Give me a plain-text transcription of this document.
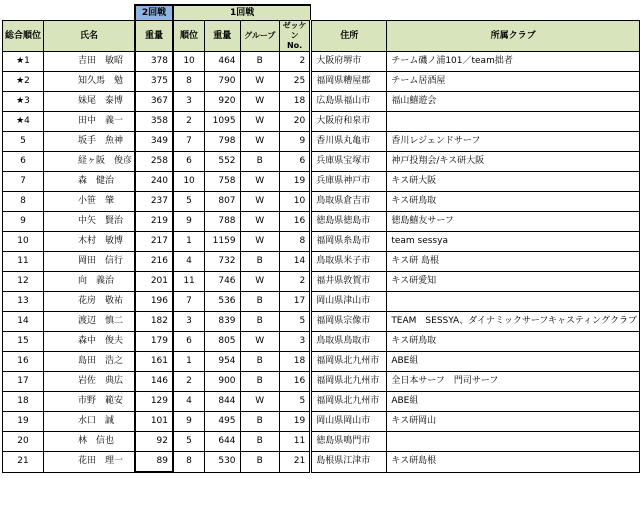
		2回戦	1回戦					
総合順位	氏名	重量	順位	重量	グループ	ゼッケン No.	住所	所属クラブ
★1	吉田　敏昭	378	10	464	B	2	大阪府堺市	チーム磯ノ浦101／team拙者
★2	知久馬　勉	375	8	790	W	25	福岡県糟屋郡	チーム居酒屋
★3	妹尾　泰博	367	3	920	W	18	広島県福山市	福山鱚遊会
★4	田中　義一	358	2	1095	W	20	大阪府和泉市	
5	坂手　魚神	349	7	798	W	9	香川県丸亀市	香川レジェンドサーフ
6	経ヶ阪　俊彦	258	6	552	B	6	兵庫県宝塚市	神戸投翔会/キス研大阪
7	森　健治	240	10	758	W	19	兵庫県神戸市	キス研大阪
8	小笹　肇	237	5	807	W	10	鳥取県倉吉市	キス研鳥取
9	中矢　賢治	219	9	788	W	16	徳島県徳島市	徳島鱚友サーフ
10	木村　敏博	217	1	1159	W	8	福岡県糸島市	team sessya
11	岡田　信行	216	4	732	B	14	鳥取県米子市	キス研 島根
12	向　義治	201	11	746	W	2	福井県敦賀市	キス研愛知
13	花房　敬祐	196	7	536	B	17	岡山県津山市	
14	渡辺　慎二	182	3	839	B	5	福岡県宗像市	TEAM　SESSYA、ダイナミックサーフキャスティングクラブ
15	森中　俊夫	179	6	805	W	3	鳥取県鳥取市	キス研鳥取
16	島田　浩之	161	1	954	B	18	福岡県北九州市	ABE組
17	岩佐　典広	146	2	900	B	16	福岡県北九州市	全日本サーフ　門司サーフ
18	市野　範安	129	4	844	W	5	福岡県北九州市	ABE組
19	水口　誠	101	9	495	B	19	岡山県岡山市	キス研岡山
20	林　信也	92	5	644	B	11	徳島県鳴門市	
21	花田　理一	89	8	530	B	21	島根県江津市	キス研島根
